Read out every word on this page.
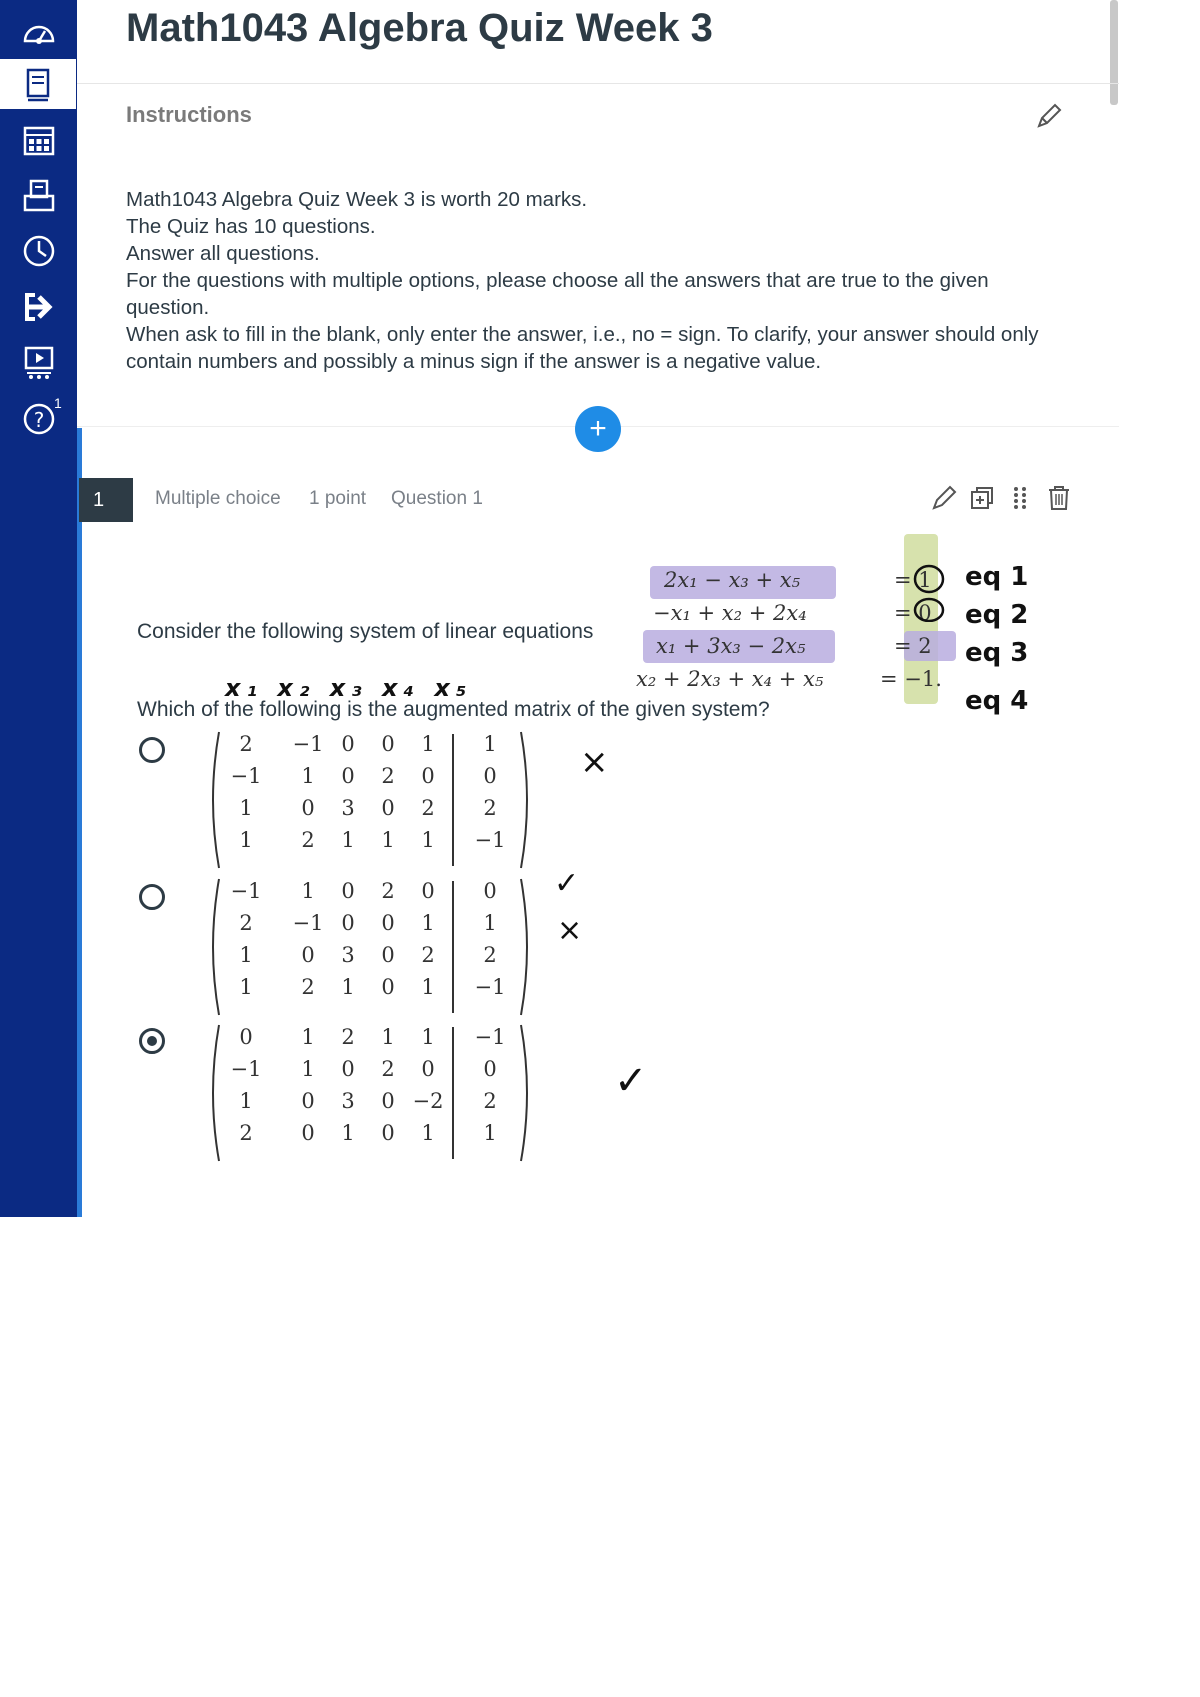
?
1
Math1043 Algebra Quiz Week 3
Instructions

Math1043 Algebra Quiz Week 3 is worth 20 marks.

The Quiz has 10 questions.

Answer all questions.

For the questions with multiple options, please choose all the answers that are true to the given question.

When ask to fill in the blank, only enter the answer, i.e., no = sign. To clarify, your answer should only contain numbers and possibly a minus sign if the answer is a negative value.

+
1	Multiple choice 1 point Question 1
Consider the following system of linear equations
2x₁ − x₃ + x₅	= 1
−x₁ + x₂ + 2x₄	= 0
x₁ + 3x₃ − 2x₅	= 2
x₂ + 2x₃ + x₄ + x₅	= −1.
eq 1
eq 2
eq 3
eq 4
x₁ x₂ x₃ x₄ x₅
Which of the following is the augmented matrix of the given system?
2	−1 0	0	1	1
−1	1	0	2	0	0
1	0	3	0	2	2
1	2	1	1	1	−1
×
−1	1	0	2	0	0
2	−1 0	0	1	1
1	0	3	0	2	2
1	2	1	0	1	−1
✓
×
0	1	2	1	1	−1
−1	1	0	2	0	0
1	0	3	0 −2	2
2	0	1	0	1	1
✓
